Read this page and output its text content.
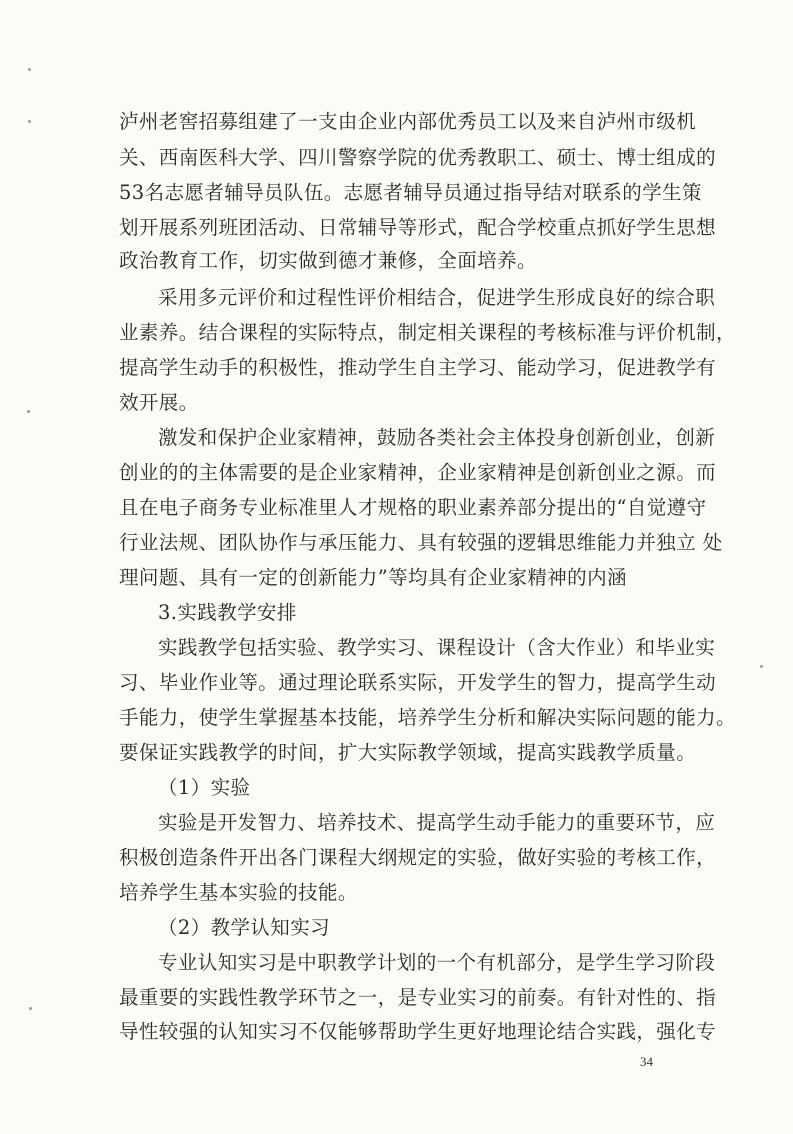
泸州老窖招募组建了一支由企业内部优秀员工以及来自泸州市级机
关、西南医科大学、四川警察学院的优秀教职工、硕士、博士组成的
53名志愿者辅导员队伍。志愿者辅导员通过指导结对联系的学生策
划开展系列班团活动、日常辅导等形式，配合学校重点抓好学生思想
政治教育工作，切实做到德才兼修，全面培养。
采用多元评价和过程性评价相结合，促进学生形成良好的综合职
业素养。结合课程的实际特点，制定相关课程的考核标准与评价机制，
提高学生动手的积极性，推动学生自主学习、能动学习，促进教学有
效开展。
激发和保护企业家精神，鼓励各类社会主体投身创新创业，创新
创业的的主体需要的是企业家精神，企业家精神是创新创业之源。而
且在电子商务专业标准里人才规格的职业素养部分提出的“自觉遵守
行业法规、团队协作与承压能力、具有较强的逻辑思维能力并独立 处
理问题、具有一定的创新能力”等均具有企业家精神的内涵
3.实践教学安排
实践教学包括实验、教学实习、课程设计（含大作业）和毕业实
习、毕业作业等。通过理论联系实际，开发学生的智力，提高学生动
手能力，使学生掌握基本技能，培养学生分析和解决实际问题的能力。
要保证实践教学的时间，扩大实际教学领域，提高实践教学质量。
（1）实验
实验是开发智力、培养技术、提高学生动手能力的重要环节，应
积极创造条件开出各门课程大纲规定的实验，做好实验的考核工作，
培养学生基本实验的技能。
（2）教学认知实习
专业认知实习是中职教学计划的一个有机部分，是学生学习阶段
最重要的实践性教学环节之一，是专业实习的前奏。有针对性的、指
导性较强的认知实习不仅能够帮助学生更好地理论结合实践，强化专
34
